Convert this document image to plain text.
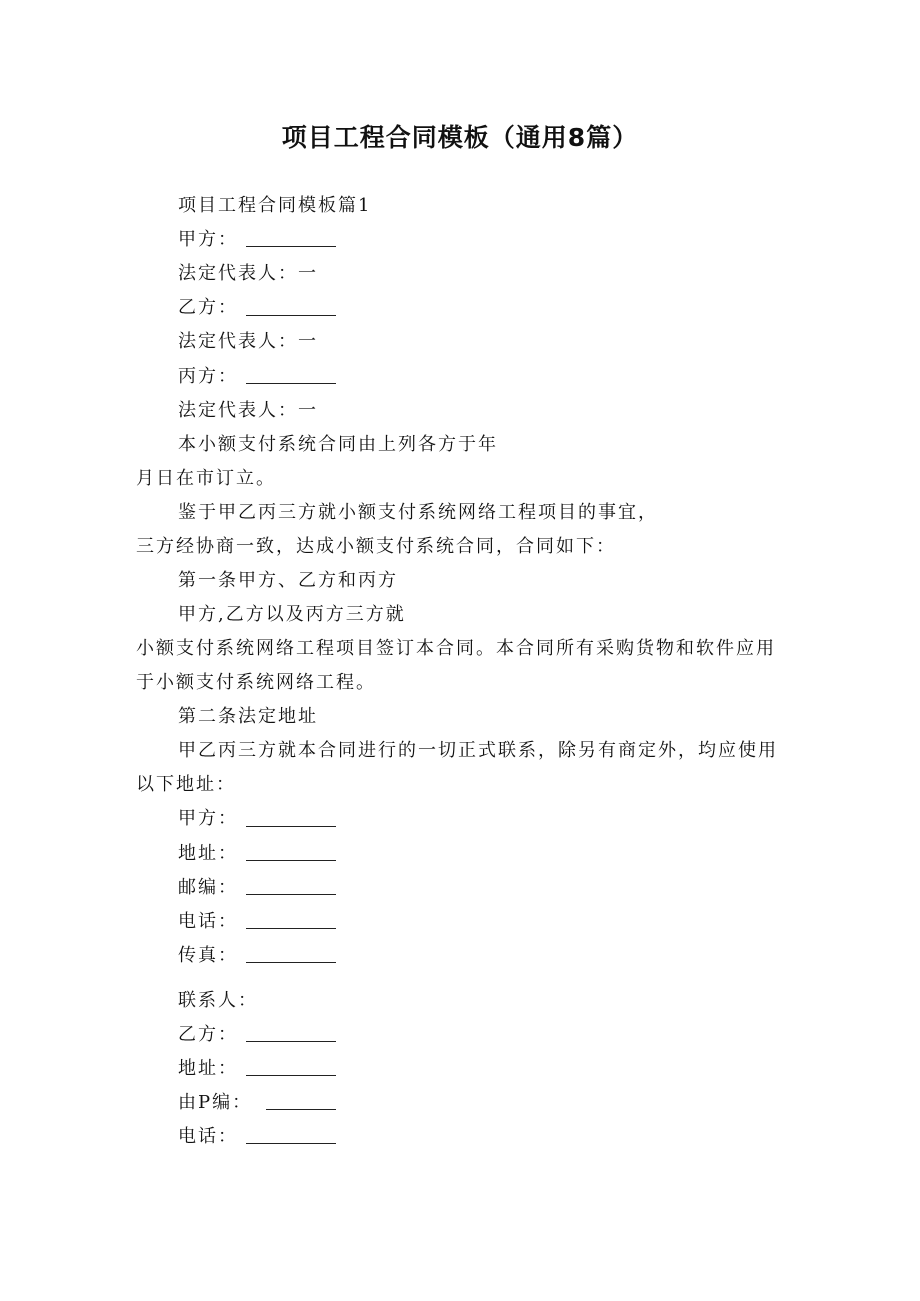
项目工程合同模板（通用8篇）
项目工程合同模板篇1
甲方：
法定代表人：一
乙方：
法定代表人：一
丙方：
法定代表人：一
本小额支付系统合同由上列各方于年
月日在市订立。
鉴于甲乙丙三方就小额支付系统网络工程项目的事宜，
三方经协商一致，达成小额支付系统合同，合同如下：
第一条甲方、乙方和丙方
甲方,乙方以及丙方三方就
小额支付系统网络工程项目签订本合同。本合同所有采购货物和软件应用
于小额支付系统网络工程。
第二条法定地址
甲乙丙三方就本合同进行的一切正式联系，除另有商定外，均应使用
以下地址：
甲方：
地址：
邮编：
电话：
传真：
联系人：
乙方：
地址：
由P编：
电话：
